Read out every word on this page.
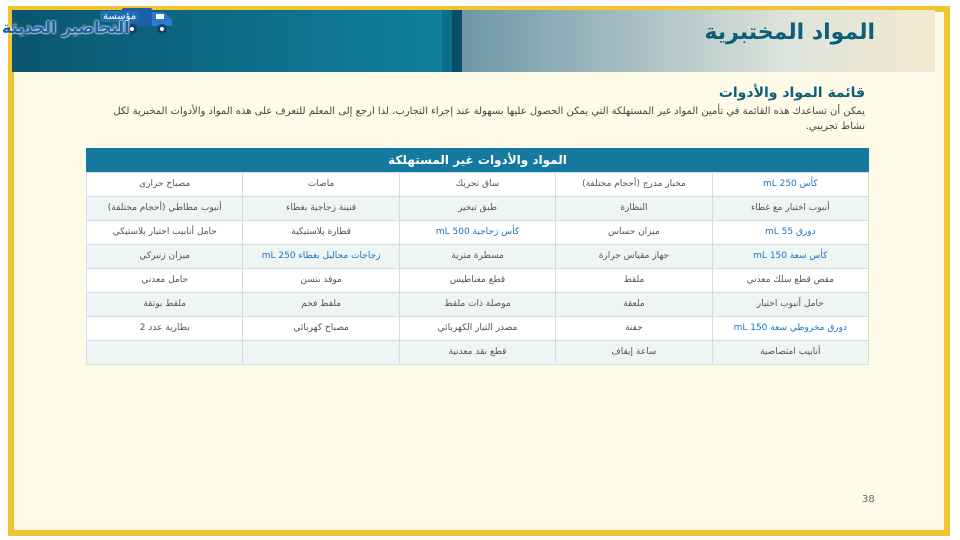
المواد المختبرية
مؤسسة
التحاضير الحديثة
قائمة المواد والأدوات
يمكن أن تساعدك هذه القائمة في تأمين المواد غير المستهلكة التي يمكن الحصول عليها بسهولة عند إجراء التجارب، لذا ارجع إلى المعلم للتعرف على هذه المواد والأدوات المخبرية لكل نشاط تجريبي.
المواد والأدوات غير المستهلكة
كأس 250 mL	مخبار مدرج (أحجام مختلفة)	ساق تحريك	ماصات	مصباح حراري
أنبوب اختبار مع غطاء	النظارة	طبق تبخير	قنينة زجاجية بغطاء	أنبوب مطاطي (أحجام مختلفة)
دورق 55 mL	ميزان حساس	كأس زجاجية 500 mL	قطارة بلاستيكية	حامل أنابيب اختبار بلاستيكي
كأس سعة 150 mL	جهاز مقياس حرارة	مسطرة مترية	زجاجات محاليل بغطاء 250 mL	ميزان زنبركي
مقص قطع سلك معدني	ملقط	قطع مغناطيس	موقد بنسن	حامل معدني
حامل أنبوب اختبار	ملعقة	موصلة ذات ملقط	ملقط فحم	ملقط بوتقة
دورق مخروطي سعة 150 mL	جفنة	مصدر التيار الكهربائي	مصباح كهربائي	بطارية عدد 2
أنابيب امتصاصية	ساعة إيقاف	قطع نقد معدنية		
38
